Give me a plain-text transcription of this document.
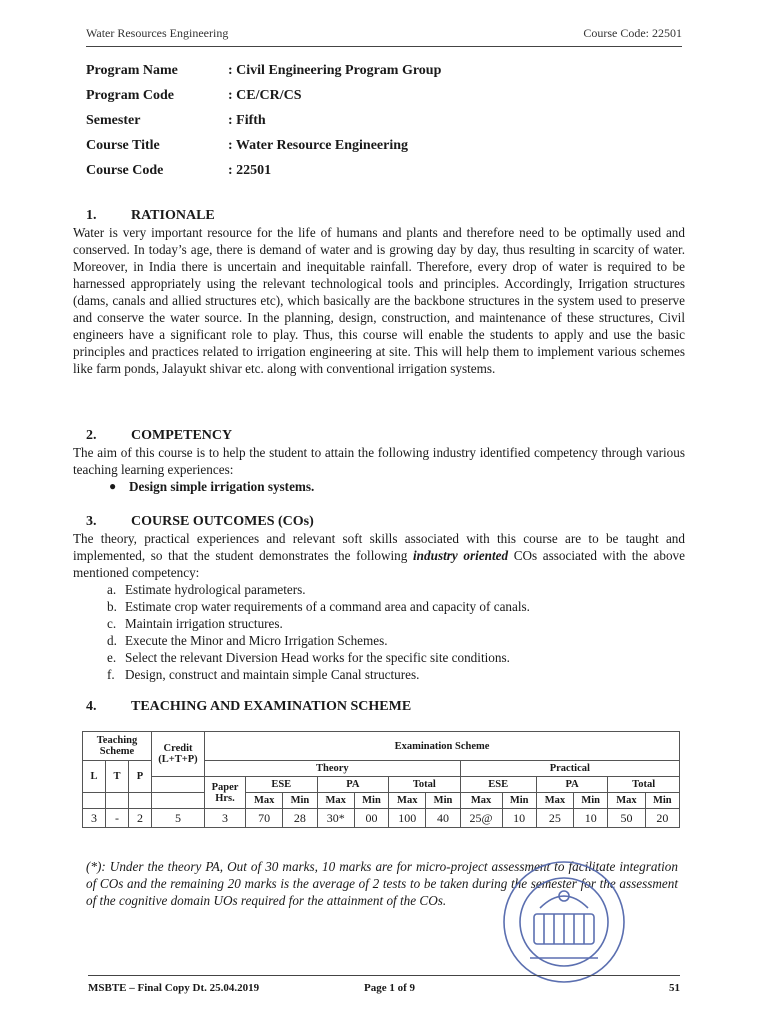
Water Resources Engineering	Course Code: 22501
Program Name	: Civil Engineering Program Group
Program Code	: CE/CR/CS
Semester	: Fifth
Course Title	: Water Resource Engineering
Course Code	: 22501
1.	RATIONALE

Water is very important resource for the life of humans and plants and therefore need to be optimally used and conserved. In today’s age, there is demand of water and is growing day by day, thus resulting in scarcity of water. Moreover, in India there is uncertain and inequitable rainfall. Therefore, every drop of water is required to be harnessed appropriately using the relevant technological tools and principles. Accordingly, Irrigation structures (dams, canals and allied structures etc), which basically are the backbone structures in the system used to preserve and conserve the water source. In the planning, design, construction, and maintenance of these structures, Civil engineers have a significant role to play. Thus, this course will enable the students to apply and use the basic principles and practices related to irrigation engineering at site. This will help them to implement various schemes like farm ponds, Jalayukt shivar etc. along with conventional irrigation systems.

2.	COMPETENCY

The aim of this course is to help the student to attain the following industry identified competency through various teaching learning experiences:

● Design simple irrigation systems.
3.	COURSE OUTCOMES (COs)

The theory, practical experiences and relevant soft skills associated with this course are to be taught and implemented, so that the student demonstrates the following industry oriented COs associated with the above mentioned competency:

a. Estimate hydrological parameters.
b. Estimate crop water requirements of a command area and capacity of canals.
c. Maintain irrigation structures.
d. Execute the Minor and Micro Irrigation Schemes.
e. Select the relevant Diversion Head works for the specific site conditions.
f. Design, construct and maintain simple Canal structures.
4.	TEACHING AND EXAMINATION SCHEME
Teaching Scheme			Credit (L+T+P)	Examination Scheme												
L	T	P														
				Theory							Practical					
				Paper Hrs.	ESE		PA		Total		ESE		PA		Total	
					Max	Min	Max	Min	Max	Min	Max	Min	Max	Min	Max	Min
3	-	2	5	3	70	28	30*	00	100	40	25@	10	25	10	50	20

(*): Under the theory PA, Out of 30 marks, 10 marks are for micro-project assessment to facilitate integration of COs and the remaining 20 marks is the average of 2 tests to be taken during the semester for the assessment of the cognitive domain UOs required for the attainment of the COs.

MSBTE – Final Copy Dt. 25.04.2019	Page 1 of 9	51
